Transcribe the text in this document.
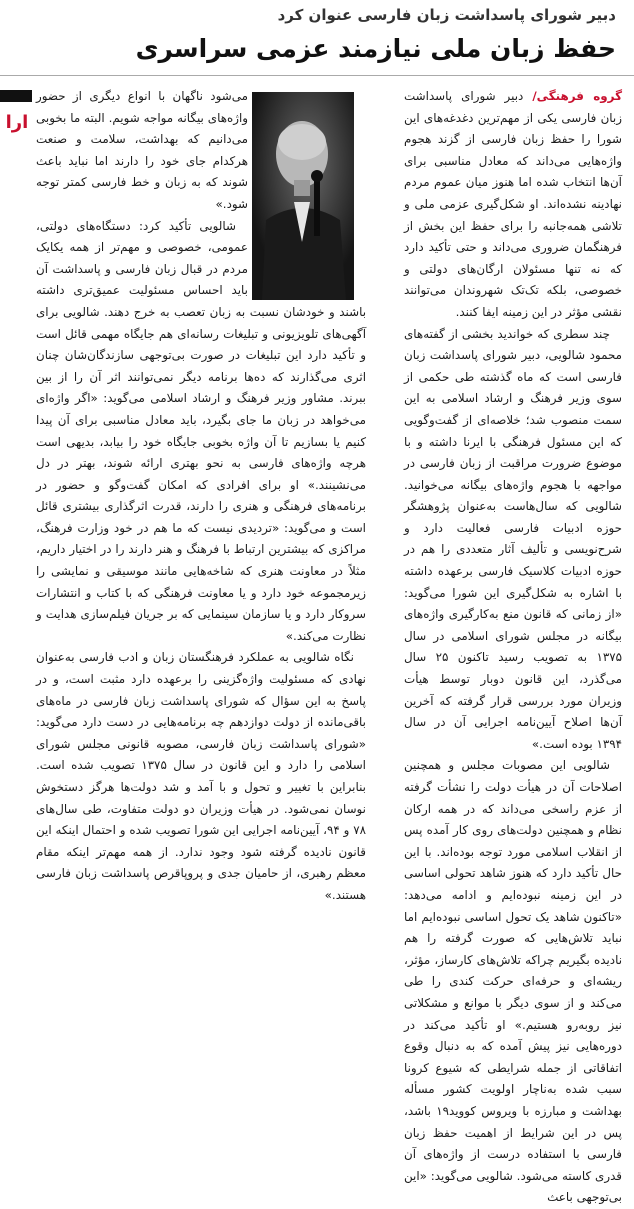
دبیر شورای پاسداشت زبان فارسی عنوان کرد
حفظ زبان ملی نیازمند عزمی سراسری
ارا

گروه فرهنگی/ دبیر شورای پاسداشت زبان فارسی یکی از مهم‌ترین دغدغه‌های این شورا را حفظ زبان فارسی از گزند هجوم واژه‌هایی می‌داند که معادل مناسبی برای آن‌ها انتخاب شده اما هنوز میان عموم مردم نهادینه نشده‌اند. او شکل‌گیری عزمی ملی و تلاشی همه‌جانبه را برای حفظ این بخش از فرهنگمان ضروری می‌داند و حتی تأکید دارد که نه تنها مسئولان ارگان‌های دولتی و خصوصی، بلکه تک‌تک شهروندان می‌توانند نقشی مؤثر در این زمینه ایفا کنند.

چند سطری که خواندید بخشی از گفته‌های محمود شالویی، دبیر شورای پاسداشت زبان فارسی است که ماه گذشته طی حکمی از سوی وزیر فرهنگ و ارشاد اسلامی به این سمت منصوب شد؛ خلاصه‌ای از گفت‌وگویی که این مسئول فرهنگی با ایرنا داشته و با موضوع ضرورت مراقبت از زبان فارسی در مواجهه با هجوم واژه‌های بیگانه می‌خوانید. شالویی که سال‌هاست به‌عنوان پژوهشگر حوزه ادبیات فارسی فعالیت دارد و شرح‌نویسی و تألیف آثار متعددی را هم در حوزه ادبیات کلاسیک فارسی برعهده داشته با اشاره به شکل‌گیری این شورا می‌گوید: «از زمانی که قانون منع به‌کارگیری واژه‌های بیگانه در مجلس شورای اسلامی در سال ۱۳۷۵ به تصویب رسید تاکنون ۲۵ سال می‌گذرد، این قانون دوبار توسط هیأت وزیران مورد بررسی قرار گرفته که آخرین آن‌ها اصلاح آیین‌نامه اجرایی آن در سال ۱۳۹۴ بوده است.»

شالویی این مصوبات مجلس و همچنین اصلاحات آن در هیأت دولت را نشأت گرفته از عزم راسخی می‌داند که در همه ارکان نظام و همچنین دولت‌های روی کار آمده پس از انقلاب اسلامی مورد توجه بوده‌اند. با این حال تأکید دارد که هنوز شاهد تحولی اساسی در این زمینه نبوده‌ایم و ادامه می‌دهد: «تاکنون شاهد یک تحول اساسی نبوده‌ایم اما نباید تلاش‌هایی که صورت گرفته را هم نادیده بگیریم چراکه تلاش‌های کارساز، مؤثر، ریشه‌ای و حرفه‌ای حرکت کندی را طی می‌کند و از سوی دیگر با موانع و مشکلاتی نیز روبه‌رو هستیم.» او تأکید می‌کند در دوره‌هایی نیز پیش آمده که به دنبال وقوع اتفاقاتی از جمله شرایطی که شیوع کرونا سبب شده به‌ناچار اولویت کشور مسأله بهداشت و مبارزه با ویروس کووید۱۹ باشد، پس در این شرایط از اهمیت حفظ زبان فارسی با استفاده درست از واژه‌های آن قدری کاسته می‌شود. شالویی می‌گوید: «این بی‌توجهی باعث

می‌شود ناگهان با انواع دیگری از حضور واژه‌های بیگانه مواجه شویم. البته ما بخوبی می‌دانیم که بهداشت، سلامت و صنعت هرکدام جای خود را دارند اما نباید باعث شوند که به زبان و خط فارسی کمتر توجه شود.»

شالویی تأکید کرد: دستگاه‌های دولتی، عمومی، خصوصی و مهم‌تر از همه یکایک مردم در قبال زبان فارسی و پاسداشت آن باید احساس مسئولیت عمیق‌تری داشته باشند و خودشان نسبت به زبان تعصب به خرج دهند. شالویی برای آگهی‌های تلویزیونی و تبلیغات رسانه‌ای هم جایگاه مهمی قائل است و تأکید دارد این تبلیغات در صورت بی‌توجهی سازندگان‌شان چنان اثری می‌گذارند که ده‌ها برنامه دیگر نمی‌توانند اثر آن را از بین ببرند. مشاور وزیر فرهنگ و ارشاد اسلامی می‌گوید: «اگر واژه‌ای می‌خواهد در زبان ما جای بگیرد، باید معادل مناسبی برای آن پیدا کنیم یا بسازیم تا آن واژه بخوبی جایگاه خود را بیابد، بدیهی است هرچه واژه‌های فارسی به نحو بهتری ارائه شوند، بهتر در دل می‌نشینند.» او برای افرادی که امکان گفت‌وگو و حضور در برنامه‌های فرهنگی و هنری را دارند، قدرت اثرگذاری بیشتری قائل است و می‌گوید: «تردیدی نیست که ما هم در خود وزارت فرهنگ، مراکزی که بیشترین ارتباط با فرهنگ و هنر دارند را در اختیار داریم، مثلاً در معاونت هنری که شاخه‌هایی مانند موسیقی و نمایشی را زیرمجموعه خود دارد و یا معاونت فرهنگی که با کتاب و انتشارات سروکار دارد و یا سازمان سینمایی که بر جریان فیلم‌سازی هدایت و نظارت می‌کند.»

نگاه شالویی به عملکرد فرهنگستان زبان و ادب فارسی به‌عنوان نهادی که مسئولیت واژه‌گزینی را برعهده دارد مثبت است، و در پاسخ به این سؤال که شورای پاسداشت زبان فارسی در ماه‌های باقی‌مانده از دولت دوازدهم چه برنامه‌هایی در دست دارد می‌گوید: «شورای پاسداشت زبان فارسی، مصوبه قانونی مجلس شورای اسلامی را دارد و این قانون در سال ۱۳۷۵ تصویب شده است. بنابراین با تغییر و تحول و با آمد و شد دولت‌ها هرگز دستخوش نوسان نمی‌شود. در هیأت وزیران دو دولت متفاوت، طی سال‌های ۷۸ و ۹۴، آیین‌نامه اجرایی این شورا تصویب شده و احتمال اینکه این قانون نادیده گرفته شود وجود ندارد. از همه مهم‌تر اینکه مقام معظم رهبری، از حامیان جدی و پروپاقرص پاسداشت زبان فارسی هستند.»
